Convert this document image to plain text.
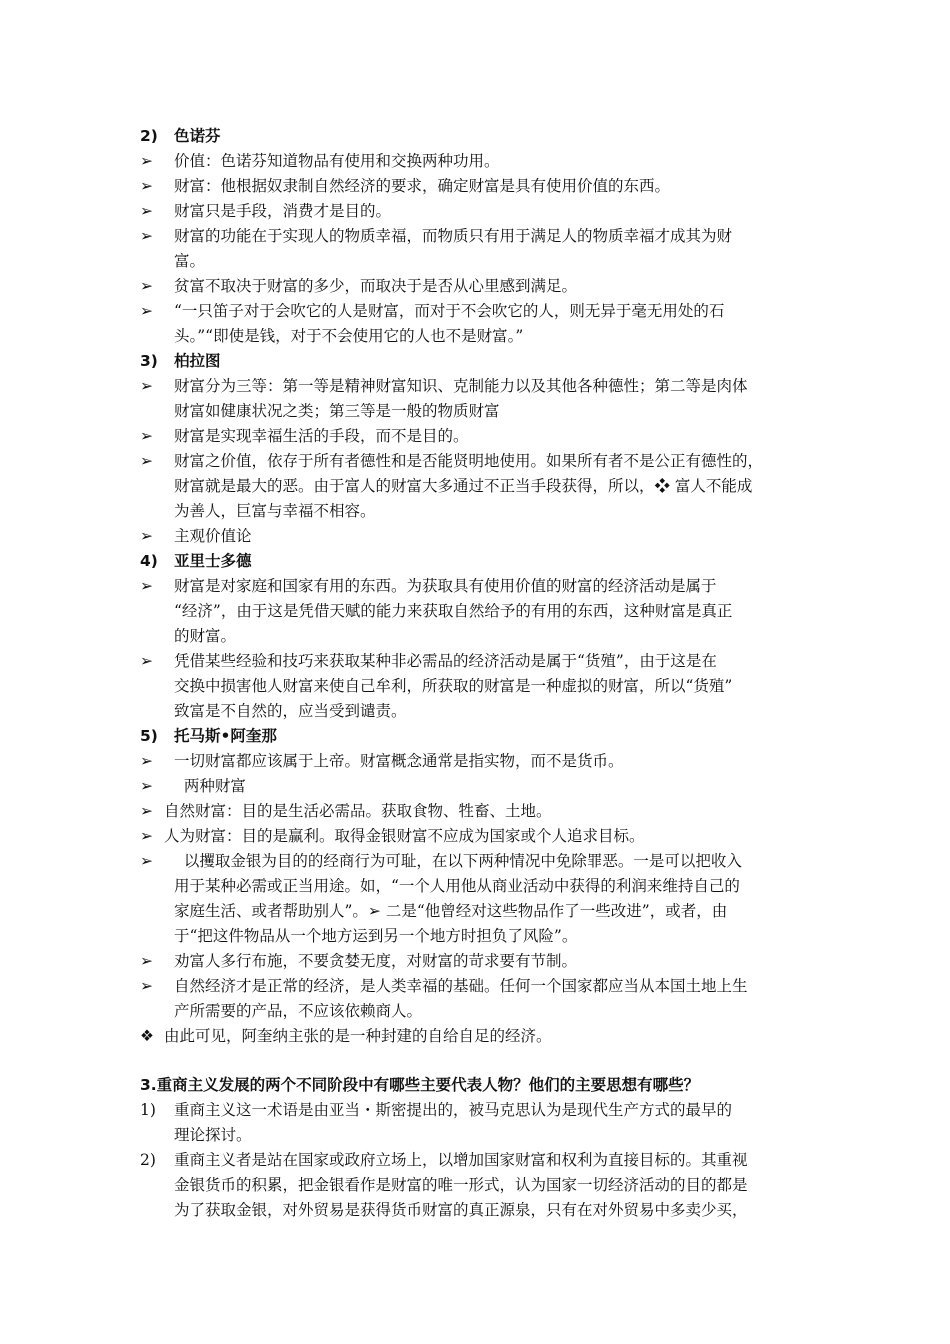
2) 色诺芬
➢ 价值：色诺芬知道物品有使用和交换两种功用。
➢ 财富：他根据奴隶制自然经济的要求，确定财富是具有使用价值的东西。
➢ 财富只是手段，消费才是目的。
➢ 财富的功能在于实现人的物质幸福，而物质只有用于满足人的物质幸福才成其为财
富。
➢ 贫富不取决于财富的多少，而取决于是否从心里感到满足。
➢ “一只笛子对于会吹它的人是财富，而对于不会吹它的人，则无异于毫无用处的石
头。”“即使是钱，对于不会使用它的人也不是财富。”
3) 柏拉图
➢ 财富分为三等：第一等是精神财富知识、克制能力以及其他各种德性；第二等是肉体
财富如健康状况之类；第三等是一般的物质财富
➢ 财富是实现幸福生活的手段，而不是目的。
➢ 财富之价值，依存于所有者德性和是否能贤明地使用。如果所有者不是公正有德性的，
财富就是最大的恶。由于富人的财富大多通过不正当手段获得，所以，❖ 富人不能成
为善人，巨富与幸福不相容。
➢ 主观价值论
4) 亚里士多德
➢ 财富是对家庭和国家有用的东西。为获取具有使用价值的财富的经济活动是属于
“经济”，由于这是凭借天赋的能力来获取自然给予的有用的东西，这种财富是真正
的财富。
➢ 凭借某些经验和技巧来获取某种非必需品的经济活动是属于“货殖”，由于这是在
交换中损害他人财富来使自己牟利，所获取的财富是一种虚拟的财富，所以“货殖”
致富是不自然的，应当受到谴责。
5) 托马斯•阿奎那
➢ 一切财富都应该属于上帝。财富概念通常是指实物，而不是货币。
➢ 两种财富
➢ 自然财富：目的是生活必需品。获取食物、牲畜、土地。
➢ 人为财富：目的是赢利。取得金银财富不应成为国家或个人追求目标。
➢ 以攫取金银为目的的经商行为可耻，在以下两种情况中免除罪恶。一是可以把收入
用于某种必需或正当用途。如，“一个人用他从商业活动中获得的利润来维持自己的
家庭生活、或者帮助别人”。➢ 二是“他曾经对这些物品作了一些改进”，或者，由
于“把这件物品从一个地方运到另一个地方时担负了风险”。
➢ 劝富人多行布施，不要贪婪无度，对财富的苛求要有节制。
➢ 自然经济才是正常的经济，是人类幸福的基础。任何一个国家都应当从本国土地上生
产所需要的产品，不应该依赖商人。
❖ 由此可见，阿奎纳主张的是一种封建的自给自足的经济。
3.重商主义发展的两个不同阶段中有哪些主要代表人物？他们的主要思想有哪些？
1) 重商主义这一术语是由亚当・斯密提出的，被马克思认为是现代生产方式的最早的
理论探讨。
2) 重商主义者是站在国家或政府立场上，以增加国家财富和权利为直接目标的。其重视
金银货币的积累，把金银看作是财富的唯一形式，认为国家一切经济活动的目的都是
为了获取金银，对外贸易是获得货币财富的真正源泉，只有在对外贸易中多卖少买，
